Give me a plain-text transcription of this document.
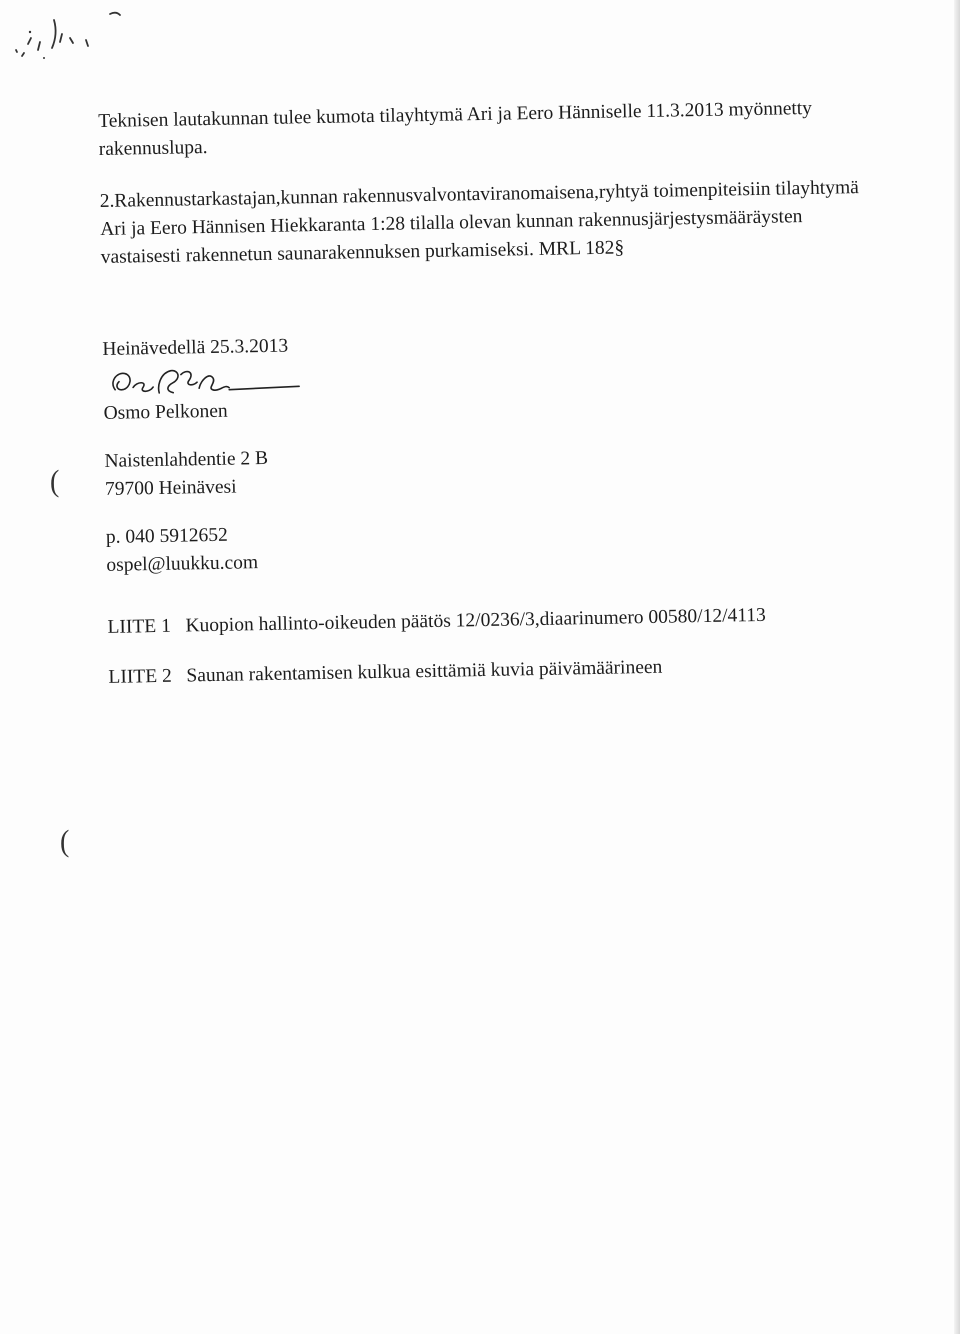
(
(

Teknisen lautakunnan tulee kumota tilayhtymä Ari ja Eero Hänniselle 11.3.2013 myönnetty rakennuslupa.

2.Rakennustarkastajan,kunnan rakennusvalvontaviranomaisena,ryhtyä toimenpiteisiin tilayhtymä Ari ja Eero Hännisen Hiekkaranta 1:28 tilalla olevan kunnan rakennusjärjestysmääräysten vastaisesti rakennetun saunarakennuksen purkamiseksi. MRL 182§

Heinävedellä 25.3.2013

Osmo Pelkonen

Naistenlahdentie 2 B

79700 Heinävesi

p. 040 5912652

ospel@luukku.com

LIITE 1 Kuopion hallinto-oikeuden päätös 12/0236/3,diaarinumero 00580/12/4113

LIITE 2 Saunan rakentamisen kulkua esittämiä kuvia päivämäärineen
